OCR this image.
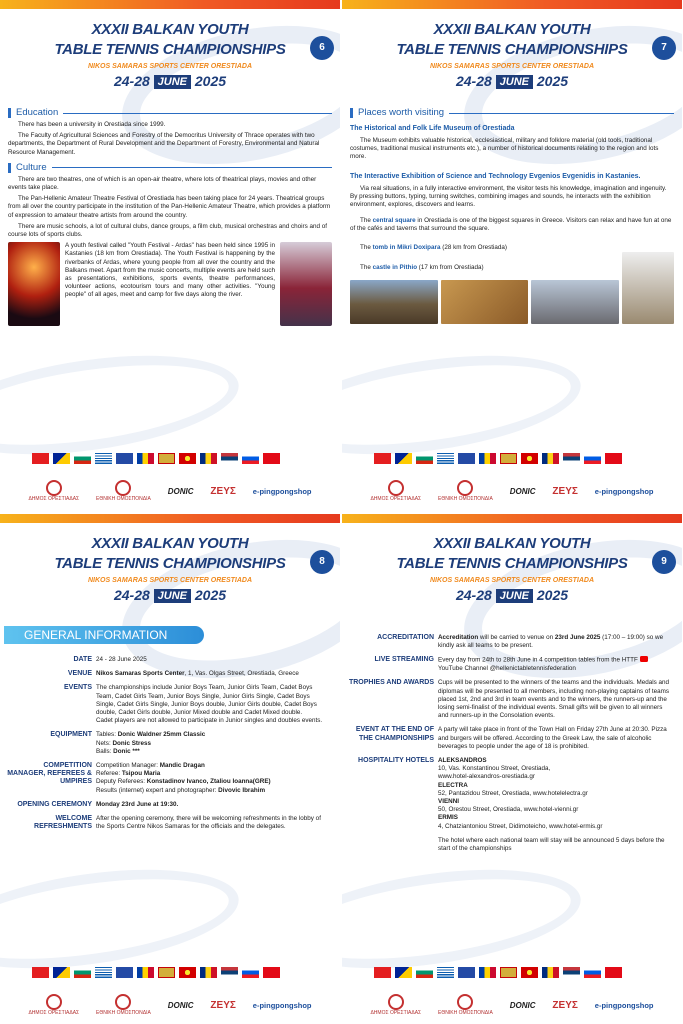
XXXII BALKAN YOUTH
TABLE TENNIS CHAMPIONSHIPS
NIKOS SAMARAS SPORTS CENTER ORESTIADA
24-28 JUNE 2025
6
Education

There has been a university in Orestiada since 1999.

The Faculty of Agricultural Sciences and Forestry of the Democritus University of Thrace operates with two departments, the Department of Rural Development and the Department of Forestry, Environmental and Natural Resource Management.

Culture

There are two theatres, one of which is an open-air theatre, where lots of theatrical plays, movies and other events take place.

The Pan-Hellenic Amateur Theatre Festival of Orestiada has been taking place for 24 years. Theatrical groups from all over the country participate in the institution of the Pan-Hellenic Amateur Theatre, which provides a platform of expression to amateur theatre artists from around the country.

There are music schools, a lot of cultural clubs, dance groups, a film club, musical orchestras and choirs and of course lots of sports clubs.

A youth festival called "Youth Festival - Ardas" has been held since 1995 in Kastanies (18 km from Orestiada). The Youth Festival is happening by the riverbanks of Ardas, where young people from all over the country and the Balkans meet. Apart from the music concerts, multiple events are held such as presentations, exhibitions, sports events, theatre performances, volunteer actions, ecotourism tours and many other activities. "Young people" of all ages, meet and camp for five days along the river.

ΔΗΜΟΣ ΟΡΕΣΤΙΑΔΑΣ	ΕΘΝΙΚΗ ΟΜΟΣΠΟΝΔΙΑ
DONIC ΖΕΥΣ e-pingpongshop
XXXII BALKAN YOUTH
TABLE TENNIS CHAMPIONSHIPS
NIKOS SAMARAS SPORTS CENTER ORESTIADA
24-28 JUNE 2025
7
Places worth visiting
The Historical and Folk Life Museum of Orestiada

The Museum exhibits valuable historical, ecclesiastical, military and folklore material (old tools, traditional costumes, traditional musical instruments etc.), a number of historical documents relating to the region and lots more.

The Interactive Exhibition of Science and Technology Evgenios Evgenidis in Kastanies.

Via real situations, in a fully interactive environment, the visitor tests his knowledge, imagination and ingenuity. By pressing buttons, typing, turning switches, combining images and sounds, he interacts with the exhibition environment, explores, discovers and learns.

The central square in Orestiada is one of the biggest squares in Greece. Visitors can relax and have fun at one of the cafés and taverns that surround the square.

The tomb in Mikri Doxipara (28 km from Orestiada)

The castle in Pithio (17 km from Orestiada)

ΔΗΜΟΣ ΟΡΕΣΤΙΑΔΑΣ	ΕΘΝΙΚΗ ΟΜΟΣΠΟΝΔΙΑ
DONIC ΖΕΥΣ e-pingpongshop
XXXII BALKAN YOUTH
TABLE TENNIS CHAMPIONSHIPS
NIKOS SAMARAS SPORTS CENTER ORESTIADA
24-28 JUNE 2025
8
GENERAL INFORMATION
DATE 24 - 28 June 2025
VENUE Nikos Samaras Sports Center, 1, Vas. Olgas Street, Orestiada, Greece
EVENTS The championships include Junior Boys Team, Junior Girls Team, Cadet Boys Team, Cadet Girls Team, Junior Boys Single, Junior Girls Single, Cadet Boys Single, Cadet Girls Single, Junior Boys double, Junior Girls double, Cadet Boys double, Cadet Girls double, Junior Mixed double and Cadet Mixed double.
Cadet players are not allowed to participate in Junior singles and doubles events.
EQUIPMENT Tables: Donic Waldner 25mm Classic
Nets: Donic Stress
Balls: Donic ***
COMPETITION MANAGER, REFEREES & UMPIRES
Competition Manager: Mandic Dragan
Referee: Tsipou Maria
Deputy Referees: Konstadinov Ivanco, Ztaliou Ioanna(GRE)
Results (internet) expert and photographer: Divovic Ibrahim
OPENING CEREMONY Monday 23rd June at 19:30.
WELCOME REFRESHMENTS
After the opening ceremony, there will be welcoming refreshments in the lobby of the Sports Centre Nikos Samaras for the officials and the delegates.
ΔΗΜΟΣ ΟΡΕΣΤΙΑΔΑΣ	ΕΘΝΙΚΗ ΟΜΟΣΠΟΝΔΙΑ
DONIC ΖΕΥΣ e-pingpongshop
XXXII BALKAN YOUTH
TABLE TENNIS CHAMPIONSHIPS
NIKOS SAMARAS SPORTS CENTER ORESTIADA
24-28 JUNE 2025
9
ACCREDITATION Accreditation will be carried to venue on 23rd June 2025 (17:00 – 19:00) so we kindly ask all teams to be present.
LIVE STREAMING Every day from 24th to 28th June in 4 competition tables from the HTTF  YouTube Channel @hellenictabletennisfederation
TROPHIES AND AWARDS Cups will be presented to the winners of the teams and the individuals. Medals and diplomas will be presented to all members, including non-playing captains of teams placed 1st, 2nd and 3rd in team events and to the winners, the runners-up and the losing semi-finalist of the individual events. Small gifts will be given to all winners and runners-up in the Consolation events.
EVENT AT THE END OF THE CHAMPIONSHIPS
A party will take place in front of the Town Hall on Friday 27th June at 20:30. Pizza and burgers will be offered. According to the Greek Law, the sale of alcoholic beverages to people under the age of 18 is prohibited.
HOSPITALITY HOTELS ALEKSANDROS
10, Vas. Konstantinou Street, Orestiada,
www.hotel-alexandros-orestiada.gr
ELECTRA
52, Pantazidou Street, Orestiada, www.hotelelectra.gr
VIENNI
50, Orestou Street, Orestiada, www.hotel-vienni.gr
ERMIS
4, Chatziantoniou Street, Didimoteicho, www.hotel-ermis.gr
The hotel where each national team will stay will be announced 5 days before the start of the championships
ΔΗΜΟΣ ΟΡΕΣΤΙΑΔΑΣ	ΕΘΝΙΚΗ ΟΜΟΣΠΟΝΔΙΑ
DONIC ΖΕΥΣ e-pingpongshop
